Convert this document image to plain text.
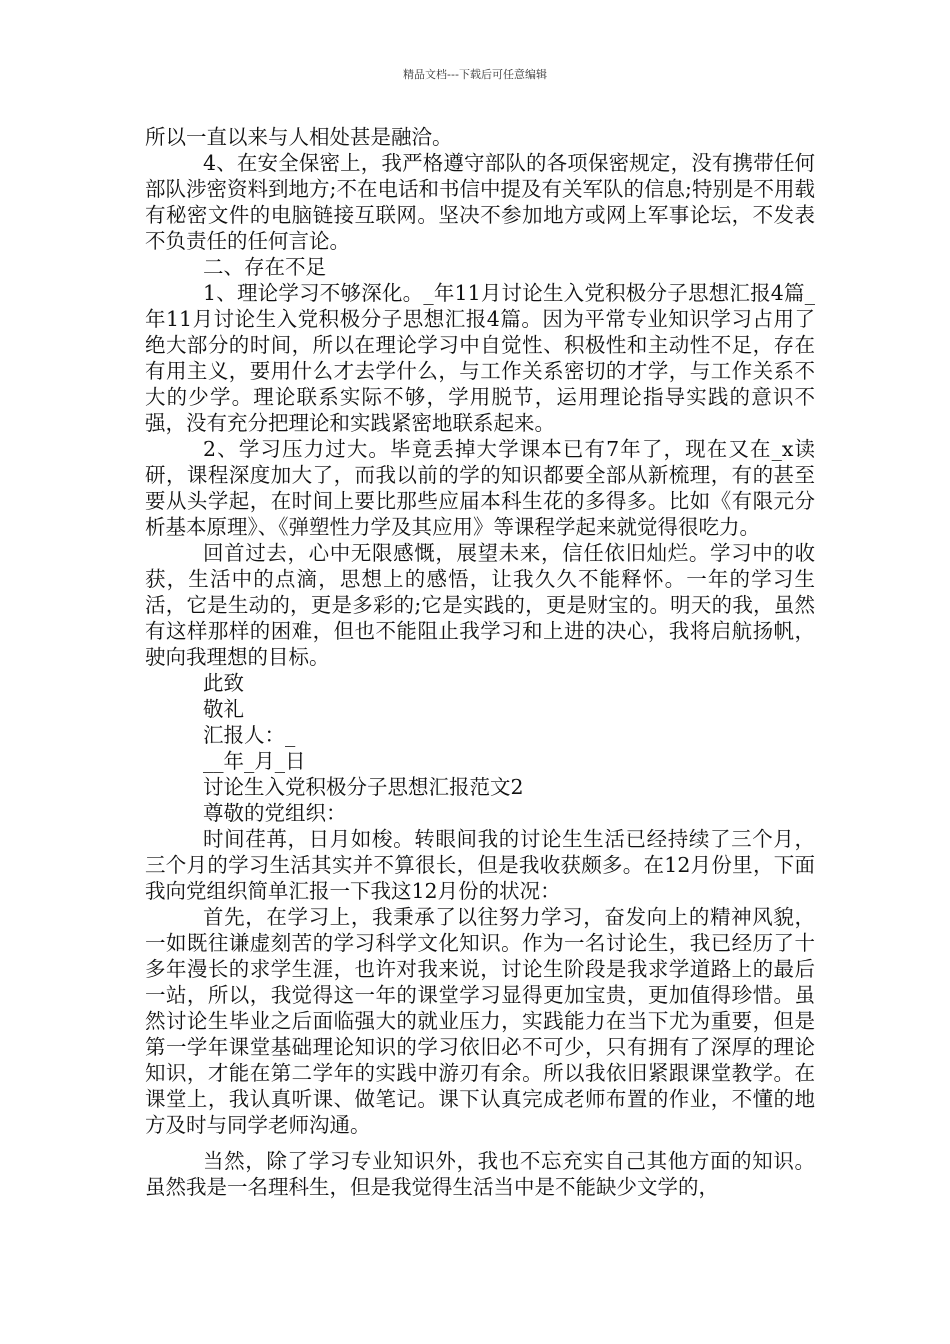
精品文档---下载后可任意编辑

所以一直以来与人相处甚是融洽。

4、在安全保密上，我严格遵守部队的各项保密规定，没有携带任何部队涉密资料到地方;不在电话和书信中提及有关军队的信息;特别是不用载有秘密文件的电脑链接互联网。坚决不参加地方或网上军事论坛，不发表不负责任的任何言论。

二、存在不足

1、理论学习不够深化。_年11月讨论生入党积极分子思想汇报4篇_年11月讨论生入党积极分子思想汇报4篇。因为平常专业知识学习占用了绝大部分的时间，所以在理论学习中自觉性、积极性和主动性不足，存在有用主义，要用什么才去学什么，与工作关系密切的才学，与工作关系不大的少学。理论联系实际不够，学用脱节，运用理论指导实践的意识不强，没有充分把理论和实践紧密地联系起来。

2、学习压力过大。毕竟丢掉大学课本已有7年了，现在又在_x读研，课程深度加大了，而我以前的学的知识都要全部从新梳理，有的甚至要从头学起，在时间上要比那些应届本科生花的多得多。比如《有限元分析基本原理》、《弹塑性力学及其应用》等课程学起来就觉得很吃力。

回首过去，心中无限感慨，展望未来，信任依旧灿烂。学习中的收获，生活中的点滴，思想上的感悟，让我久久不能释怀。一年的学习生活，它是生动的，更是多彩的;它是实践的，更是财宝的。明天的我，虽然有这样那样的困难，但也不能阻止我学习和上进的决心，我将启航扬帆，驶向我理想的目标。

此致

敬礼

汇报人：_

__年_月_日

讨论生入党积极分子思想汇报范文2

尊敬的党组织：

时间荏苒，日月如梭。转眼间我的讨论生生活已经持续了三个月，三个月的学习生活其实并不算很长，但是我收获颇多。在12月份里，下面我向党组织简单汇报一下我这12月份的状况：

首先，在学习上，我秉承了以往努力学习，奋发向上的精神风貌，一如既往谦虚刻苦的学习科学文化知识。作为一名讨论生，我已经历了十多年漫长的求学生涯，也许对我来说，讨论生阶段是我求学道路上的最后一站，所以，我觉得这一年的课堂学习显得更加宝贵，更加值得珍惜。虽然讨论生毕业之后面临强大的就业压力，实践能力在当下尤为重要，但是第一学年课堂基础理论知识的学习依旧必不可少，只有拥有了深厚的理论知识，才能在第二学年的实践中游刃有余。所以我依旧紧跟课堂教学。在课堂上，我认真听课、做笔记。课下认真完成老师布置的作业，不懂的地方及时与同学老师沟通。

当然，除了学习专业知识外，我也不忘充实自己其他方面的知识。虽然我是一名理科生，但是我觉得生活当中是不能缺少文学的，
